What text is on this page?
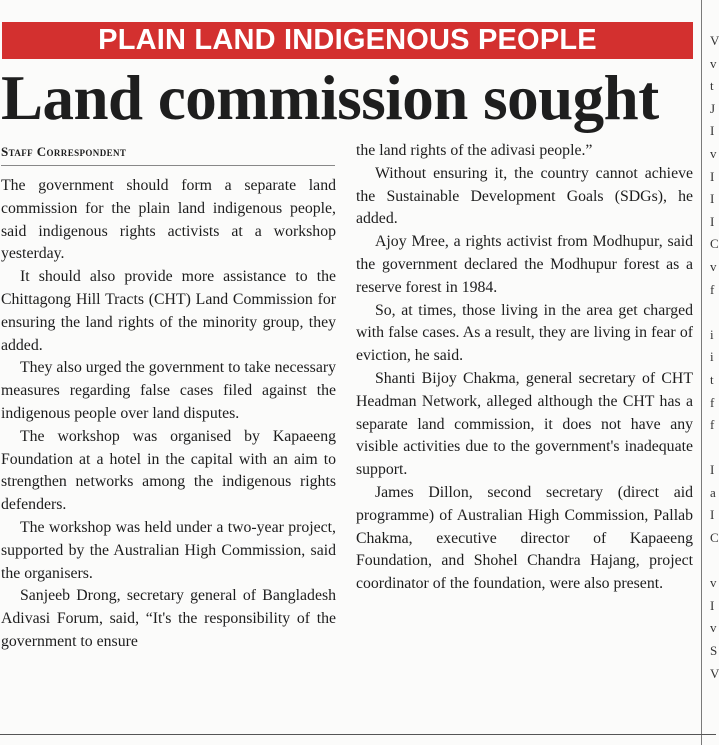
PLAIN LAND INDIGENOUS PEOPLE
Land commission sought
Staff Correspondent

The government should form a separate land commission for the plain land indigenous people, said indigenous rights activists at a workshop yesterday.

It should also provide more assistance to the Chittagong Hill Tracts (CHT) Land Commission for ensuring the land rights of the minority group, they added.

They also urged the government to take necessary measures regarding false cases filed against the indigenous people over land disputes.

The workshop was organised by Kapaeeng Foundation at a hotel in the capital with an aim to strengthen networks among the indigenous rights defenders.

The workshop was held under a two-year project, supported by the Australian High Commission, said the organisers.

Sanjeeb Drong, secretary general of Bangladesh Adivasi Forum, said, “It's the responsibility of the government to ensure

the land rights of the adivasi people.”

Without ensuring it, the country cannot achieve the Sustainable Development Goals (SDGs), he added.

Ajoy Mree, a rights activist from Modhupur, said the government declared the Modhupur forest as a reserve forest in 1984.

So, at times, those living in the area get charged with false cases. As a result, they are living in fear of eviction, he said.

Shanti Bijoy Chakma, general secretary of CHT Headman Network, alleged although the CHT has a separate land commission, it does not have any visible activities due to the government's inadequate support.

James Dillon, second secretary (direct aid programme) of Australian High Commission, Pallab Chakma, executive director of Kapaeeng Foundation, and Shohel Chandra Hajang, project coordinator of the foundation, were also present.

V
v
t
J
I
v
I
I
I
C
v
f
i
i
t
f
f
I
a
I
C
v
I
v
S
V
